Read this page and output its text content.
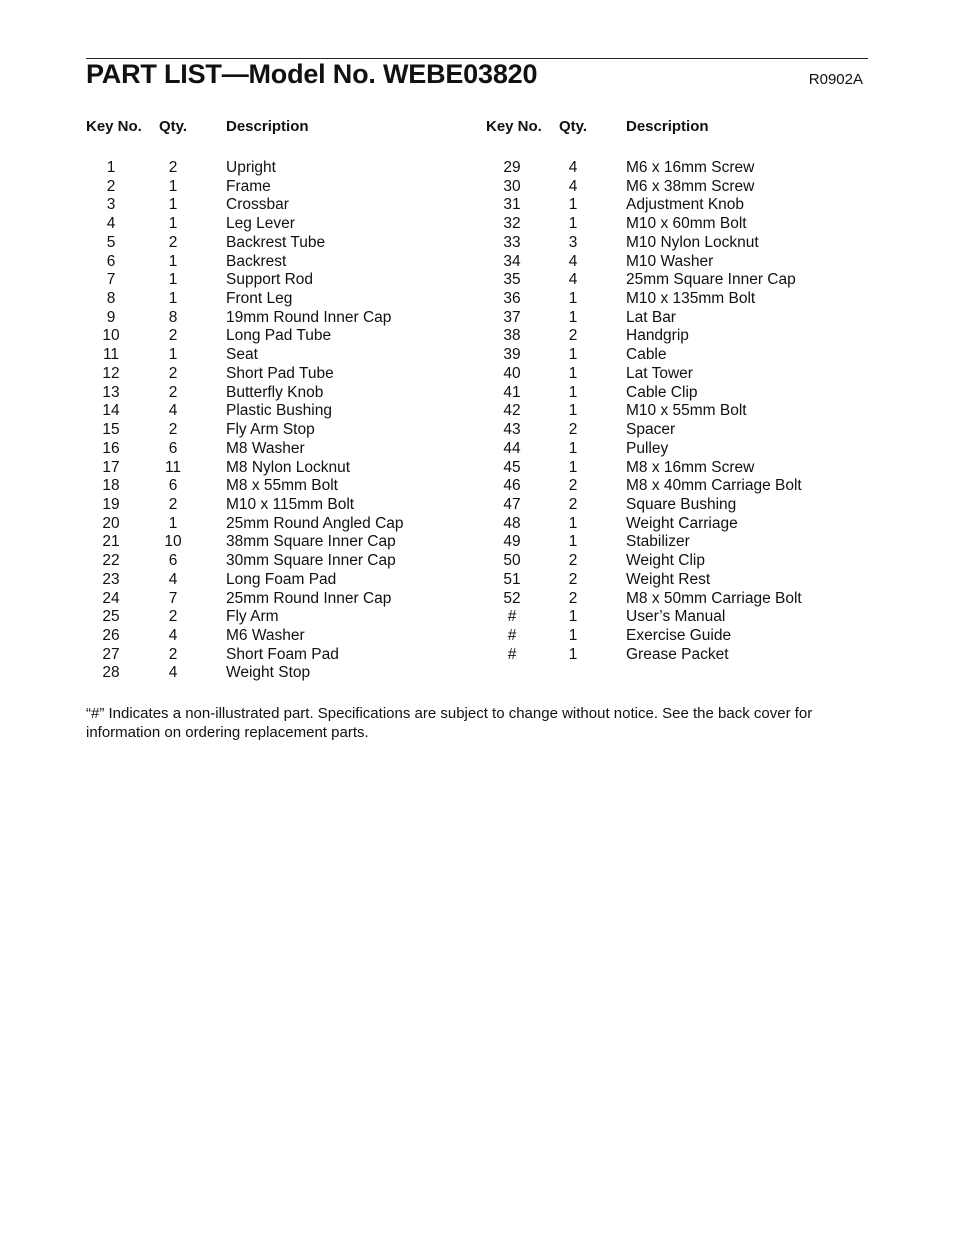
PART LIST—Model No. WEBE03820	R0902A
Key No. Qty.	Description	Key No. Qty.	Description
1	2	Upright
2	1	Frame
3	1	Crossbar
4	1	Leg Lever
5	2	Backrest Tube
6	1	Backrest
7	1	Support Rod
8	1	Front Leg
9	8	19mm Round Inner Cap
10	2	Long Pad Tube
11	1	Seat
12	2	Short Pad Tube
13	2	Butterfly Knob
14	4	Plastic Bushing
15	2	Fly Arm Stop
16	6	M8 Washer
17	11	M8 Nylon Locknut
18	6	M8 x 55mm Bolt
19	2	M10 x 115mm Bolt
20	1	25mm Round Angled Cap
21	10	38mm Square Inner Cap
22	6	30mm Square Inner Cap
23	4	Long Foam Pad
24	7	25mm Round Inner Cap
25	2	Fly Arm
26	4	M6 Washer
27	2	Short Foam Pad
28	4	Weight Stop
29	4	M6 x 16mm Screw
30	4	M6 x 38mm Screw
31	1	Adjustment Knob
32	1	M10 x 60mm Bolt
33	3	M10 Nylon Locknut
34	4	M10 Washer
35	4	25mm Square Inner Cap
36	1	M10 x 135mm Bolt
37	1	Lat Bar
38	2	Handgrip
39	1	Cable
40	1	Lat Tower
41	1	Cable Clip
42	1	M10 x 55mm Bolt
43	2	Spacer
44	1	Pulley
45	1	M8 x 16mm Screw
46	2	M8 x 40mm Carriage Bolt
47	2	Square Bushing
48	1	Weight Carriage
49	1	Stabilizer
50	2	Weight Clip
51	2	Weight Rest
52	2	M8 x 50mm Carriage Bolt
#	1	User’s Manual
#	1	Exercise Guide
#	1	Grease Packet
“#” Indicates a non-illustrated part. Specifications are subject to change without notice. See the back cover for information on ordering replacement parts.
